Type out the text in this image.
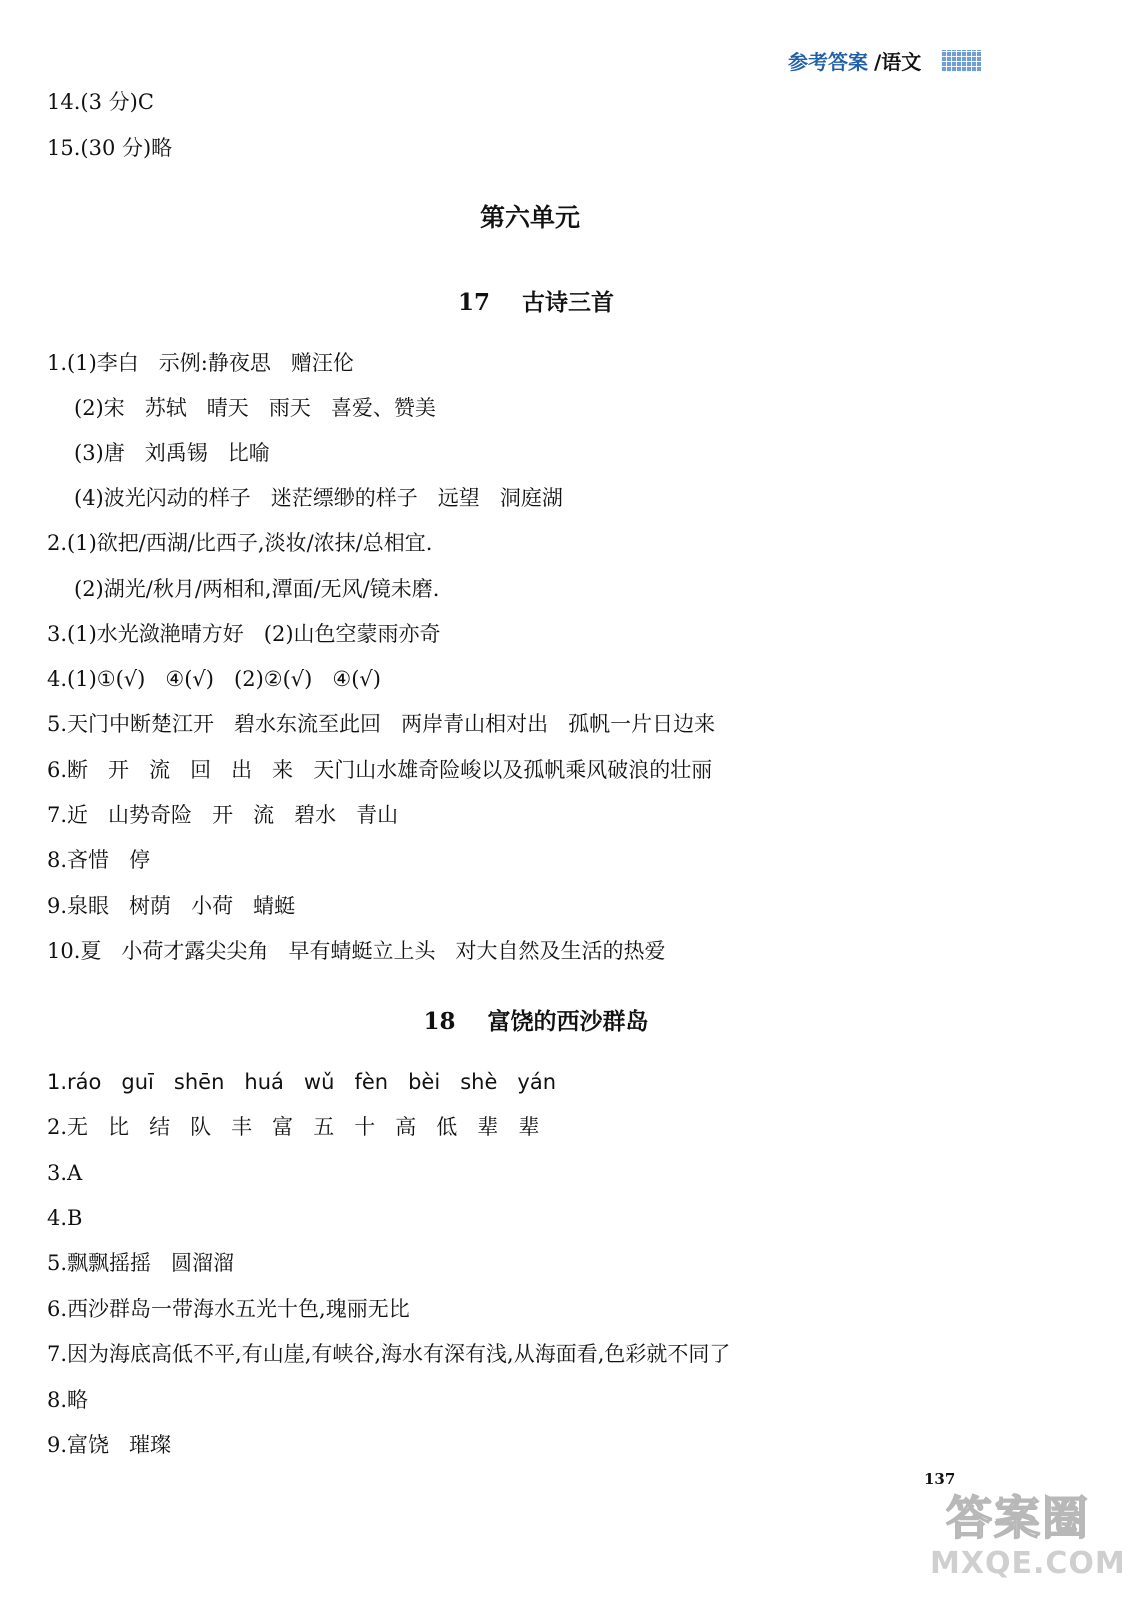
参考答案 /语文
14.(3 分)C
15.(30 分)略
第六单元
17    古诗三首
1.(1)李白   示例:静夜思   赠汪伦
(2)宋   苏轼   晴天   雨天   喜爱、赞美
(3)唐   刘禹锡   比喻
(4)波光闪动的样子   迷茫缥缈的样子   远望   洞庭湖
2.(1)欲把/西湖/比西子,淡妆/浓抹/总相宜.
(2)湖光/秋月/两相和,潭面/无风/镜未磨.
3.(1)水光潋滟晴方好   (2)山色空蒙雨亦奇
4.(1)①(√)   ④(√)   (2)②(√)   ④(√)
5.天门中断楚江开   碧水东流至此回   两岸青山相对出   孤帆一片日边来
6.断   开   流   回   出   来   天门山水雄奇险峻以及孤帆乘风破浪的壮丽
7.近   山势奇险   开   流   碧水   青山
8.吝惜   停
9.泉眼   树荫   小荷   蜻蜓
10.夏   小荷才露尖尖角   早有蜻蜓立上头   对大自然及生活的热爱
18    富饶的西沙群岛
1.ráo   guī   shēn   huá   wǔ   fèn   bèi   shè   yán
2.无   比   结   队   丰   富   五   十   高   低   辈   辈
3.A
4.B
5.飘飘摇摇   圆溜溜
6.西沙群岛一带海水五光十色,瑰丽无比
7.因为海底高低不平,有山崖,有峡谷,海水有深有浅,从海面看,色彩就不同了
8.略
9.富饶   璀璨
137
答案圈
MXQE.COM
